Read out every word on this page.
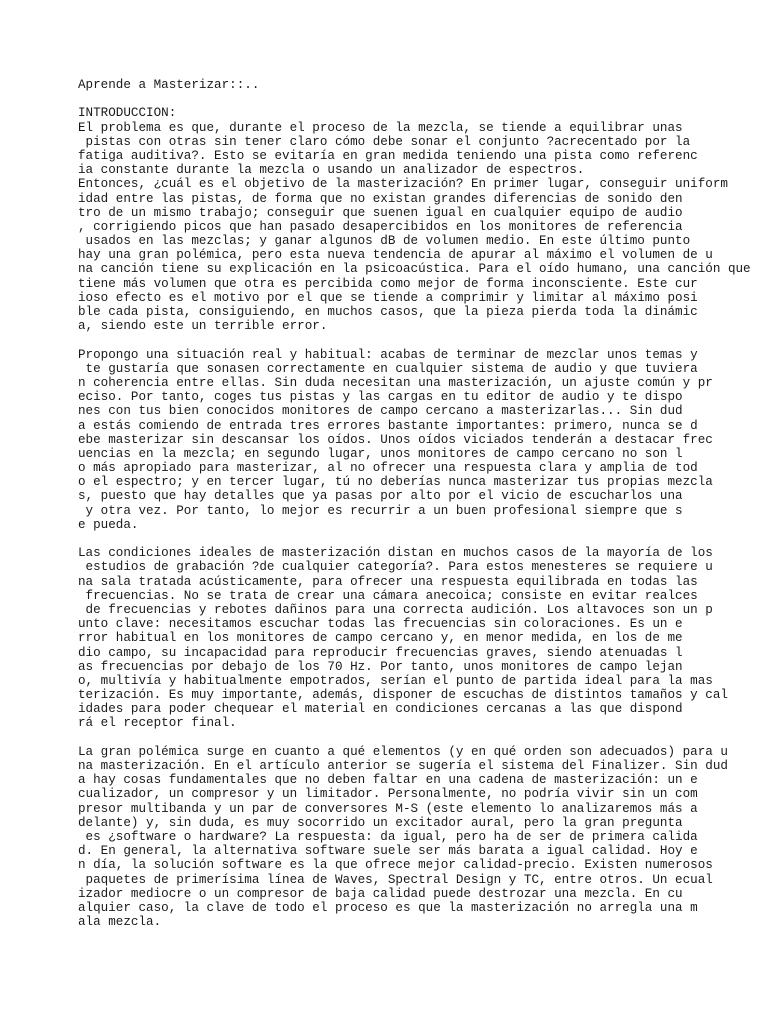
Aprende a Masterizar::..
INTRODUCCION:
El problema es que, durante el proceso de la mezcla, se tiende a equilibrar unas
pistas con otras sin tener claro cómo debe sonar el conjunto ?acrecentado por la
fatiga auditiva?. Esto se evitaría en gran medida teniendo una pista como referenc
ia constante durante la mezcla o usando un analizador de espectros.
Entonces, ¿cuál es el objetivo de la masterización? En primer lugar, conseguir uniform
idad entre las pistas, de forma que no existan grandes diferencias de sonido den
tro de un mismo trabajo; conseguir que suenen igual en cualquier equipo de audio
, corrigiendo picos que han pasado desapercibidos en los monitores de referencia
usados en las mezclas; y ganar algunos dB de volumen medio. En este último punto
hay una gran polémica, pero esta nueva tendencia de apurar al máximo el volumen de u
na canción tiene su explicación en la psicoacústica. Para el oído humano, una canción que
tiene más volumen que otra es percibida como mejor de forma inconsciente. Este cur
ioso efecto es el motivo por el que se tiende a comprimir y limitar al máximo posi
ble cada pista, consiguiendo, en muchos casos, que la pieza pierda toda la dinámic
a, siendo este un terrible error.
Propongo una situación real y habitual: acabas de terminar de mezclar unos temas y
te gustaría que sonasen correctamente en cualquier sistema de audio y que tuviera
n coherencia entre ellas. Sin duda necesitan una masterización, un ajuste común y pr
eciso. Por tanto, coges tus pistas y las cargas en tu editor de audio y te dispo
nes con tus bien conocidos monitores de campo cercano a masterizarlas... Sin dud
a estás comiendo de entrada tres errores bastante importantes: primero, nunca se d
ebe masterizar sin descansar los oídos. Unos oídos viciados tenderán a destacar frec
uencias en la mezcla; en segundo lugar, unos monitores de campo cercano no son l
o más apropiado para masterizar, al no ofrecer una respuesta clara y amplia de tod
o el espectro; y en tercer lugar, tú no deberías nunca masterizar tus propias mezcla
s, puesto que hay detalles que ya pasas por alto por el vicio de escucharlos una
y otra vez. Por tanto, lo mejor es recurrir a un buen profesional siempre que s
e pueda.
Las condiciones ideales de masterización distan en muchos casos de la mayoría de los
estudios de grabación ?de cualquier categoría?. Para estos menesteres se requiere u
na sala tratada acústicamente, para ofrecer una respuesta equilibrada en todas las
frecuencias. No se trata de crear una cámara anecoica; consiste en evitar realces
de frecuencias y rebotes dañinos para una correcta audición. Los altavoces son un p
unto clave: necesitamos escuchar todas las frecuencias sin coloraciones. Es un e
rror habitual en los monitores de campo cercano y, en menor medida, en los de me
dio campo, su incapacidad para reproducir frecuencias graves, siendo atenuadas l
as frecuencias por debajo de los 70 Hz. Por tanto, unos monitores de campo lejan
o, multivía y habitualmente empotrados, serían el punto de partida ideal para la mas
terización. Es muy importante, además, disponer de escuchas de distintos tamaños y cal
idades para poder chequear el material en condiciones cercanas a las que dispond
rá el receptor final.
La gran polémica surge en cuanto a qué elementos (y en qué orden son adecuados) para u
na masterización. En el artículo anterior se sugería el sistema del Finalizer. Sin dud
a hay cosas fundamentales que no deben faltar en una cadena de masterización: un e
cualizador, un compresor y un limitador. Personalmente, no podría vivir sin un com
presor multibanda y un par de conversores M-S (este elemento lo analizaremos más a
delante) y, sin duda, es muy socorrido un excitador aural, pero la gran pregunta
es ¿software o hardware? La respuesta: da igual, pero ha de ser de primera calida
d. En general, la alternativa software suele ser más barata a igual calidad. Hoy e
n día, la solución software es la que ofrece mejor calidad-precio. Existen numerosos
paquetes de primerísima línea de Waves, Spectral Design y TC, entre otros. Un ecual
izador mediocre o un compresor de baja calidad puede destrozar una mezcla. En cu
alquier caso, la clave de todo el proceso es que la masterización no arregla una m
ala mezcla.
